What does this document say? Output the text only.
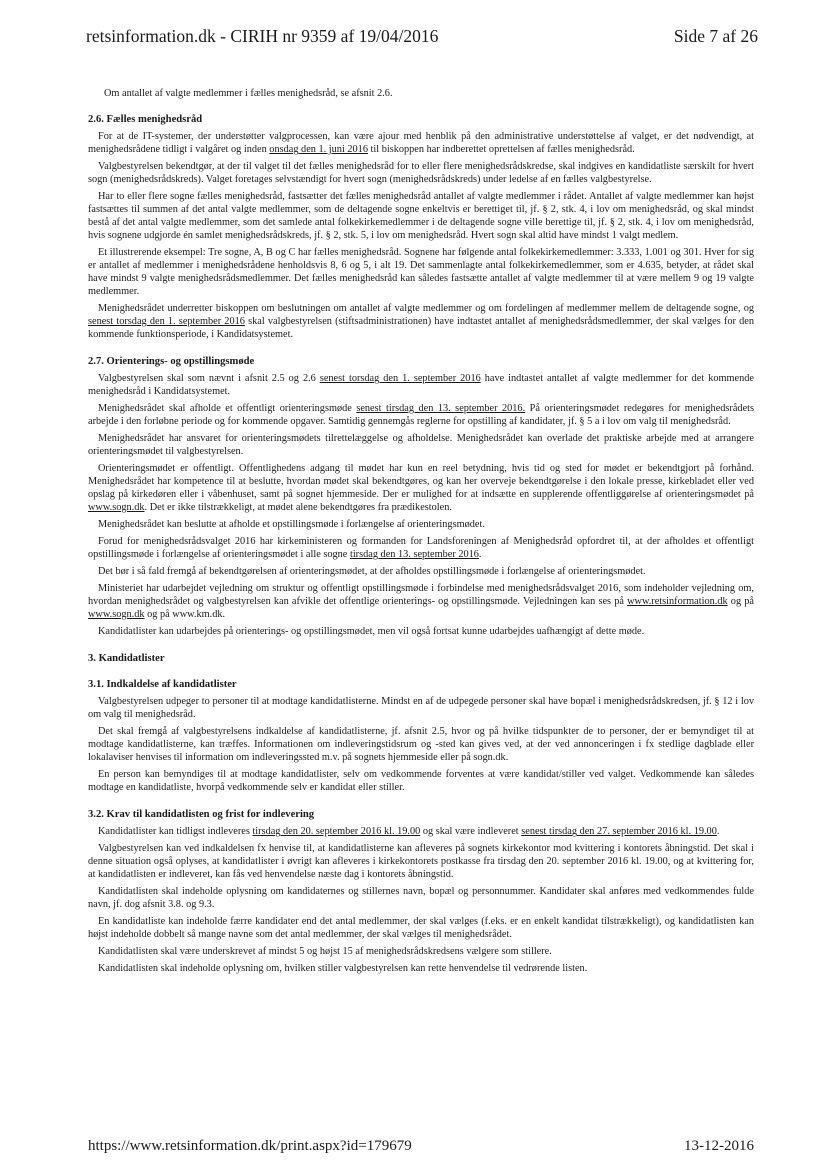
retsinformation.dk - CIRIH nr 9359 af 19/04/2016	Side 7 af 26

Om antallet af valgte medlemmer i fælles menighedsråd, se afsnit 2.6.

2.6. Fælles menighedsråd

For at de IT-systemer, der understøtter valgprocessen, kan være ajour med henblik på den administrative understøttelse af valget, er det nødvendigt, at menighedsrådene tidligt i valgåret og inden onsdag den 1. juni 2016 til biskoppen har indberettet oprettelsen af fælles menighedsråd.

Valgbestyrelsen bekendtgør, at der til valget til det fælles menighedsråd for to eller flere menighedsrådskredse, skal indgives en kandidatliste særskilt for hvert sogn (menighedsrådskreds). Valget foretages selvstændigt for hvert sogn (menighedsrådskreds) under ledelse af en fælles valgbestyrelse.

Har to eller flere sogne fælles menighedsråd, fastsætter det fælles menighedsråd antallet af valgte medlemmer i rådet. Antallet af valgte medlemmer kan højst fastsættes til summen af det antal valgte medlemmer, som de deltagende sogne enkeltvis er berettiget til, jf. § 2, stk. 4, i lov om menighedsråd, og skal mindst bestå af det antal valgte medlemmer, som det samlede antal folkekirkemedlemmer i de deltagende sogne ville berettige til, jf. § 2, stk. 4, i lov om menighedsråd, hvis sognene udgjorde én samlet menighedsrådskreds, jf. § 2, stk. 5, i lov om menighedsråd. Hvert sogn skal altid have mindst 1 valgt medlem.

Et illustrerende eksempel: Tre sogne, A, B og C har fælles menighedsråd. Sognene har følgende antal folkekirkemedlemmer: 3.333, 1.001 og 301. Hver for sig er antallet af medlemmer i menighedsrådene henholdsvis 8, 6 og 5, i alt 19. Det sammenlagte antal folkekirkemedlemmer, som er 4.635, betyder, at rådet skal have mindst 9 valgte menighedsrådsmedlemmer. Det fælles menighedsråd kan således fastsætte antallet af valgte medlemmer til at være mellem 9 og 19 valgte medlemmer.

Menighedsrådet underretter biskoppen om beslutningen om antallet af valgte medlemmer og om fordelingen af medlemmer mellem de deltagende sogne, og senest torsdag den 1. september 2016 skal valgbestyrelsen (stiftsadministrationen) have indtastet antallet af menighedsrådsmedlemmer, der skal vælges for den kommende funktionsperiode, i Kandidatsystemet.

2.7. Orienterings- og opstillingsmøde

Valgbestyrelsen skal som nævnt i afsnit 2.5 og 2.6 senest torsdag den 1. september 2016 have indtastet antallet af valgte medlemmer for det kommende menighedsråd i Kandidatsystemet.

Menighedsrådet skal afholde et offentligt orienteringsmøde senest tirsdag den 13. september 2016. På orienteringsmødet redegøres for menighedsrådets arbejde i den forløbne periode og for kommende opgaver. Samtidig gennemgås reglerne for opstilling af kandidater, jf. § 5 a i lov om valg til menighedsråd.

Menighedsrådet har ansvaret for orienteringsmødets tilrettelæggelse og afholdelse. Menighedsrådet kan overlade det praktiske arbejde med at arrangere orienteringsmødet til valgbestyrelsen.

Orienteringsmødet er offentligt. Offentlighedens adgang til mødet har kun en reel betydning, hvis tid og sted for mødet er bekendtgjort på forhånd. Menighedsrådet har kompetence til at beslutte, hvordan mødet skal bekendtgøres, og kan her overveje bekendtgørelse i den lokale presse, kirkebladet eller ved opslag på kirkedøren eller i våbenhuset, samt på sognet hjemmeside. Der er mulighed for at indsætte en supplerende offentliggørelse af orienteringsmødet på www.sogn.dk. Det er ikke tilstrækkeligt, at mødet alene bekendtgøres fra prædikestolen.

Menighedsrådet kan beslutte at afholde et opstillingsmøde i forlængelse af orienteringsmødet.

Forud for menighedsrådsvalget 2016 har kirkeministeren og formanden for Landsforeningen af Menighedsråd opfordret til, at der afholdes et offentligt opstillingsmøde i forlængelse af orienteringsmødet i alle sogne tirsdag den 13. september 2016.

Det bør i så fald fremgå af bekendtgørelsen af orienteringsmødet, at der afholdes opstillingsmøde i forlængelse af orienteringsmødet.

Ministeriet har udarbejdet vejledning om struktur og offentligt opstillingsmøde i forbindelse med menighedsrådsvalget 2016, som indeholder vejledning om, hvordan menighedsrådet og valgbestyrelsen kan afvikle det offentlige orienterings- og opstillingsmøde. Vejledningen kan ses på www.retsinformation.dk og på www.sogn.dk og på www.km.dk.

Kandidatlister kan udarbejdes på orienterings- og opstillingsmødet, men vil også fortsat kunne udarbejdes uafhængigt af dette møde.

3. Kandidatlister
3.1. Indkaldelse af kandidatlister

Valgbestyrelsen udpeger to personer til at modtage kandidatlisterne. Mindst en af de udpegede personer skal have bopæl i menighedsrådskredsen, jf. § 12 i lov om valg til menighedsråd.

Det skal fremgå af valgbestyrelsens indkaldelse af kandidatlisterne, jf. afsnit 2.5, hvor og på hvilke tidspunkter de to personer, der er bemyndiget til at modtage kandidatlisterne, kan træffes. Informationen om indleveringstidsrum og -sted kan gives ved, at der ved annonceringen i fx stedlige dagblade eller lokalaviser henvises til information om indleveringssted m.v. på sognets hjemmeside eller på sogn.dk.

En person kan bemyndiges til at modtage kandidatlister, selv om vedkommende forventes at være kandidat/stiller ved valget. Vedkommende kan således modtage en kandidatliste, hvorpå vedkommende selv er kandidat eller stiller.

3.2. Krav til kandidatlisten og frist for indlevering

Kandidatlister kan tidligst indleveres tirsdag den 20. september 2016 kl. 19.00 og skal være indleveret senest tirsdag den 27. september 2016 kl. 19.00.

Valgbestyrelsen kan ved indkaldelsen fx henvise til, at kandidatlisterne kan afleveres på sognets kirkekontor mod kvittering i kontorets åbningstid. Det skal i denne situation også oplyses, at kandidatlister i øvrigt kan afleveres i kirkekontorets postkasse fra tirsdag den 20. september 2016 kl. 19.00, og at kvittering for, at kandidatlisten er indleveret, kan fås ved henvendelse næste dag i kontorets åbningstid.

Kandidatlisten skal indeholde oplysning om kandidaternes og stillernes navn, bopæl og personnummer. Kandidater skal anføres med vedkommendes fulde navn, jf. dog afsnit 3.8. og 9.3.

En kandidatliste kan indeholde færre kandidater end det antal medlemmer, der skal vælges (f.eks. er en enkelt kandidat tilstrækkeligt), og kandidatlisten kan højst indeholde dobbelt så mange navne som det antal medlemmer, der skal vælges til menighedsrådet.

Kandidatlisten skal være underskrevet af mindst 5 og højst 15 af menighedsrådskredsens vælgere som stillere.

Kandidatlisten skal indeholde oplysning om, hvilken stiller valgbestyrelsen kan rette henvendelse til vedrørende listen.

https://www.retsinformation.dk/print.aspx?id=179679	13-12-2016
